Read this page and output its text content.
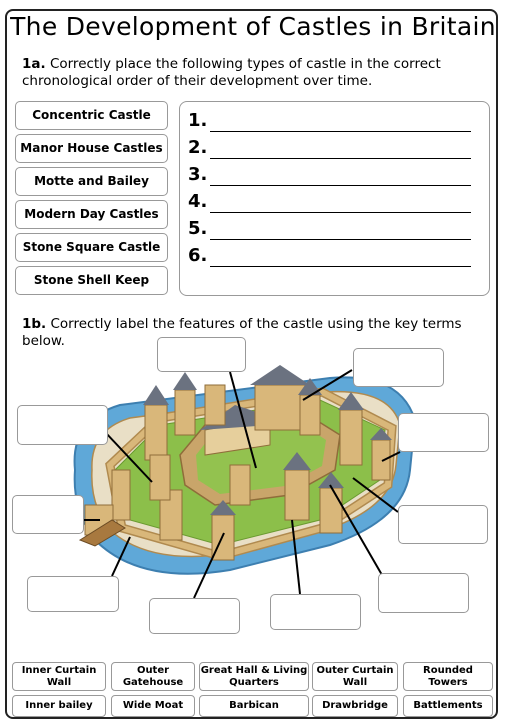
The Development of Castles in Britain
1a. Correctly place the following types of castle in the correct chronological order of their development over time.
Concentric Castle
Manor House Castles
Motte and Bailey
Modern Day Castles
Stone Square Castle
Stone Shell Keep
1.
2.
3.
4.
5.
6.
1b. Correctly label the features of the castle using the key terms below.
Inner Curtain Wall
Outer Gatehouse
Great Hall & Living Quarters
Outer Curtain Wall
Rounded Towers
Inner bailey	Wide Moat	Barbican	Drawbridge	Battlements
